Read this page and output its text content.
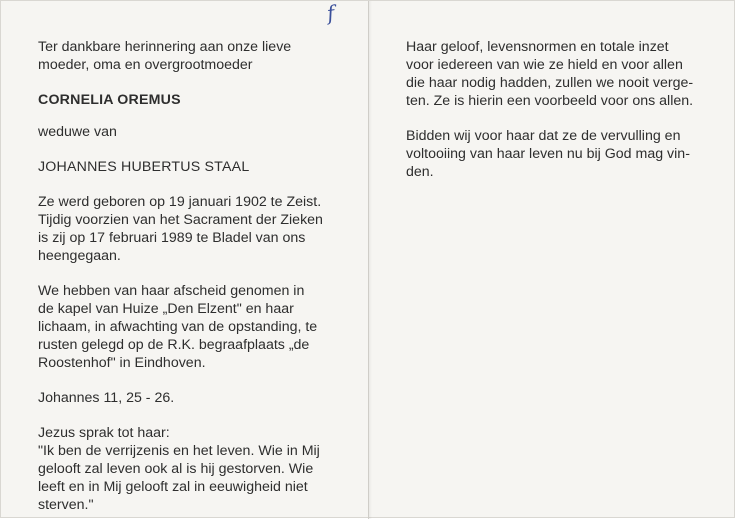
f
Ter dankbare herinnering aan onze lieve
moeder, oma en overgrootmoeder
CORNELIA OREMUS
weduwe van
JOHANNES HUBERTUS STAAL
Ze werd geboren op 19 januari 1902 te Zeist.
Tijdig voorzien van het Sacrament der Zieken
is zij op 17 februari 1989 te Bladel van ons
heengegaan.
We hebben van haar afscheid genomen in
de kapel van Huize „Den Elzent" en haar
lichaam, in afwachting van de opstanding, te
rusten gelegd op de R.K. begraafplaats „de
Roostenhof" in Eindhoven.
Johannes 11, 25 - 26.
Jezus sprak tot haar:
"Ik ben de verrijzenis en het leven. Wie in Mij
gelooft zal leven ook al is hij gestorven. Wie
leeft en in Mij gelooft zal in eeuwigheid niet
sterven."
Haar geloof, levensnormen en totale inzet
voor iedereen van wie ze hield en voor allen
die haar nodig hadden, zullen we nooit verge-
ten. Ze is hierin een voorbeeld voor ons allen.
Bidden wij voor haar dat ze de vervulling en
voltooiing van haar leven nu bij God mag vin-
den.
